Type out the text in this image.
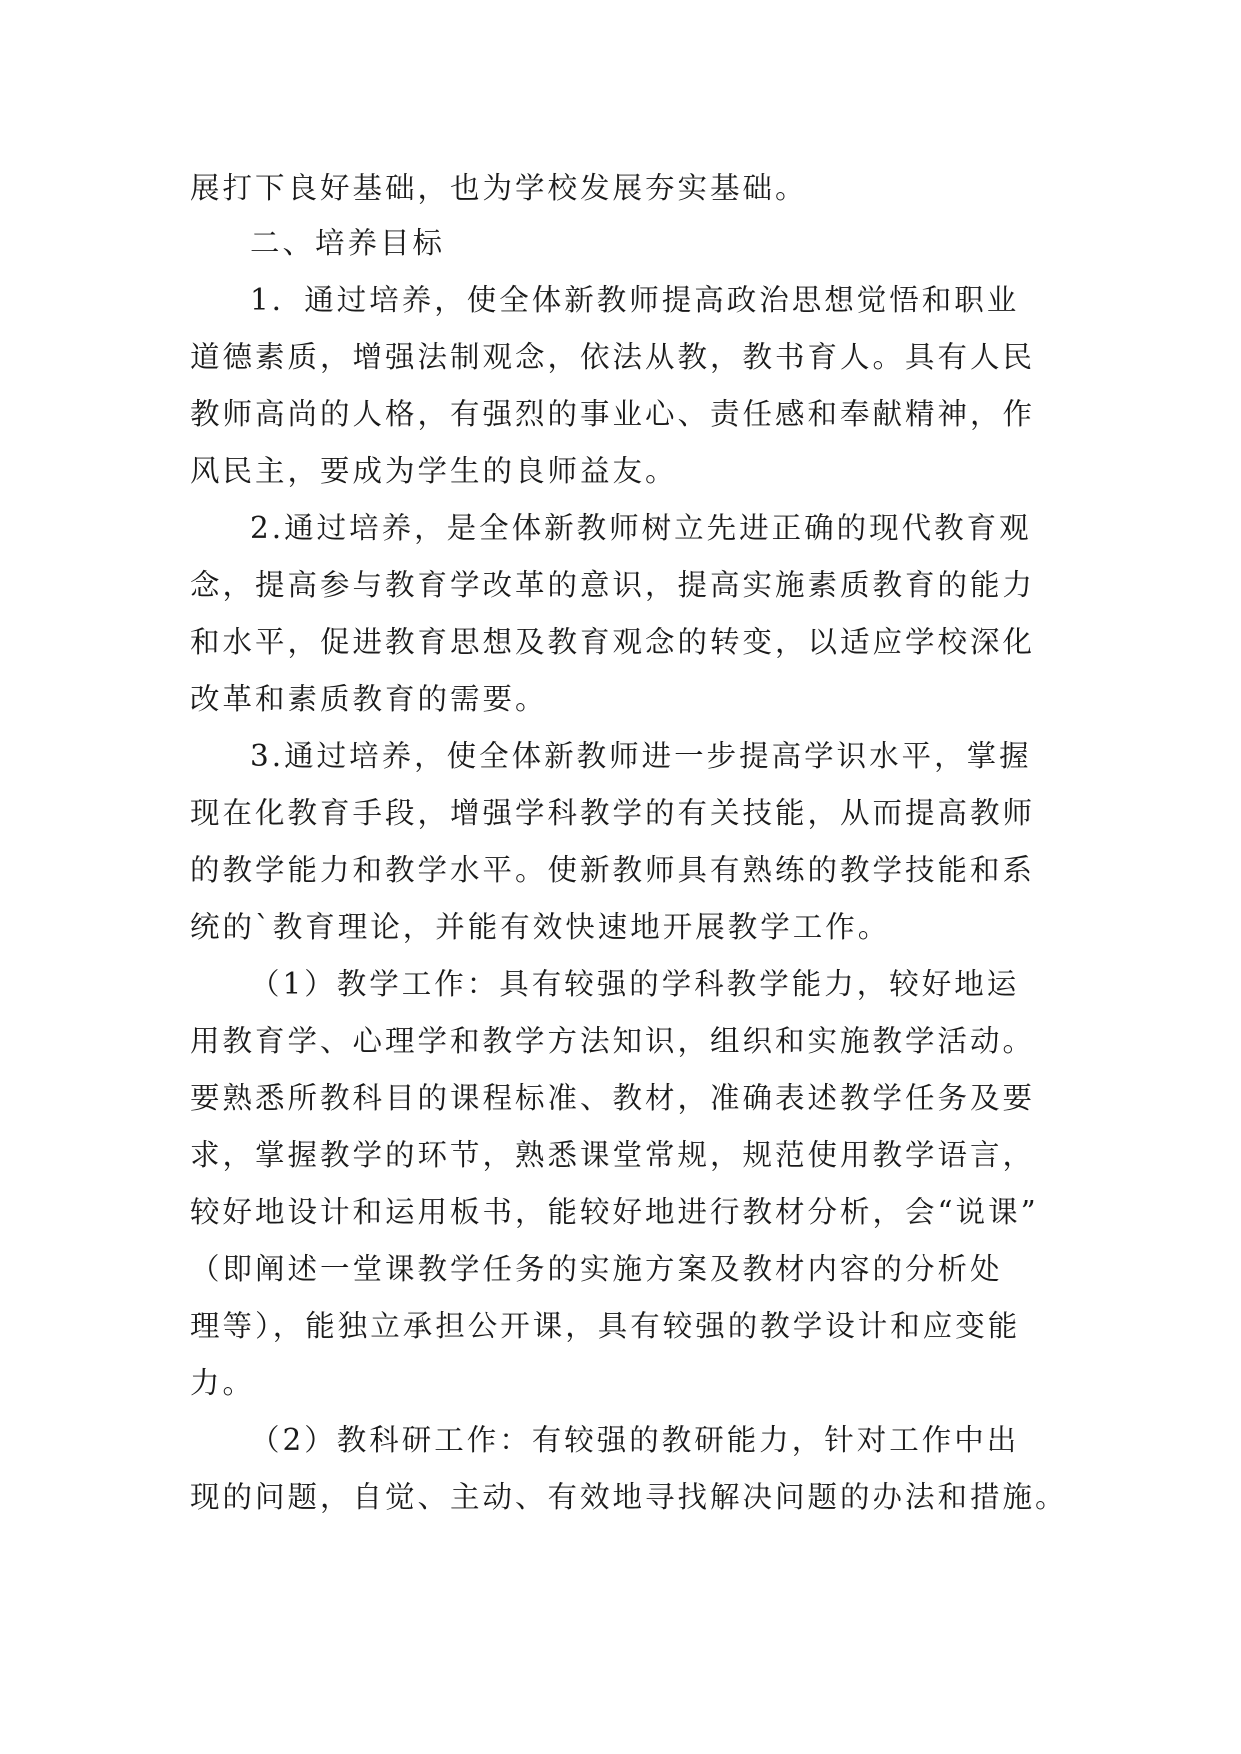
展打下良好基础，也为学校发展夯实基础。
二、培养目标
1．通过培养，使全体新教师提高政治思想觉悟和职业
道德素质，增强法制观念，依法从教，教书育人。具有人民
教师高尚的人格，有强烈的事业心、责任感和奉献精神，作
风民主，要成为学生的良师益友。
2.通过培养，是全体新教师树立先进正确的现代教育观
念，提高参与教育学改革的意识，提高实施素质教育的能力
和水平，促进教育思想及教育观念的转变，以适应学校深化
改革和素质教育的需要。
3.通过培养，使全体新教师进一步提高学识水平，掌握
现在化教育手段，增强学科教学的有关技能，从而提高教师
的教学能力和教学水平。使新教师具有熟练的教学技能和系
统的`教育理论，并能有效快速地开展教学工作。
（1）教学工作：具有较强的学科教学能力，较好地运
用教育学、心理学和教学方法知识，组织和实施教学活动。
要熟悉所教科目的课程标准、教材，准确表述教学任务及要
求，掌握教学的环节，熟悉课堂常规，规范使用教学语言，
较好地设计和运用板书，能较好地进行教材分析，会“说课”
（即阐述一堂课教学任务的实施方案及教材内容的分析处
理等），能独立承担公开课，具有较强的教学设计和应变能
力。
（2）教科研工作：有较强的教研能力，针对工作中出
现的问题，自觉、主动、有效地寻找解决问题的办法和措施。
